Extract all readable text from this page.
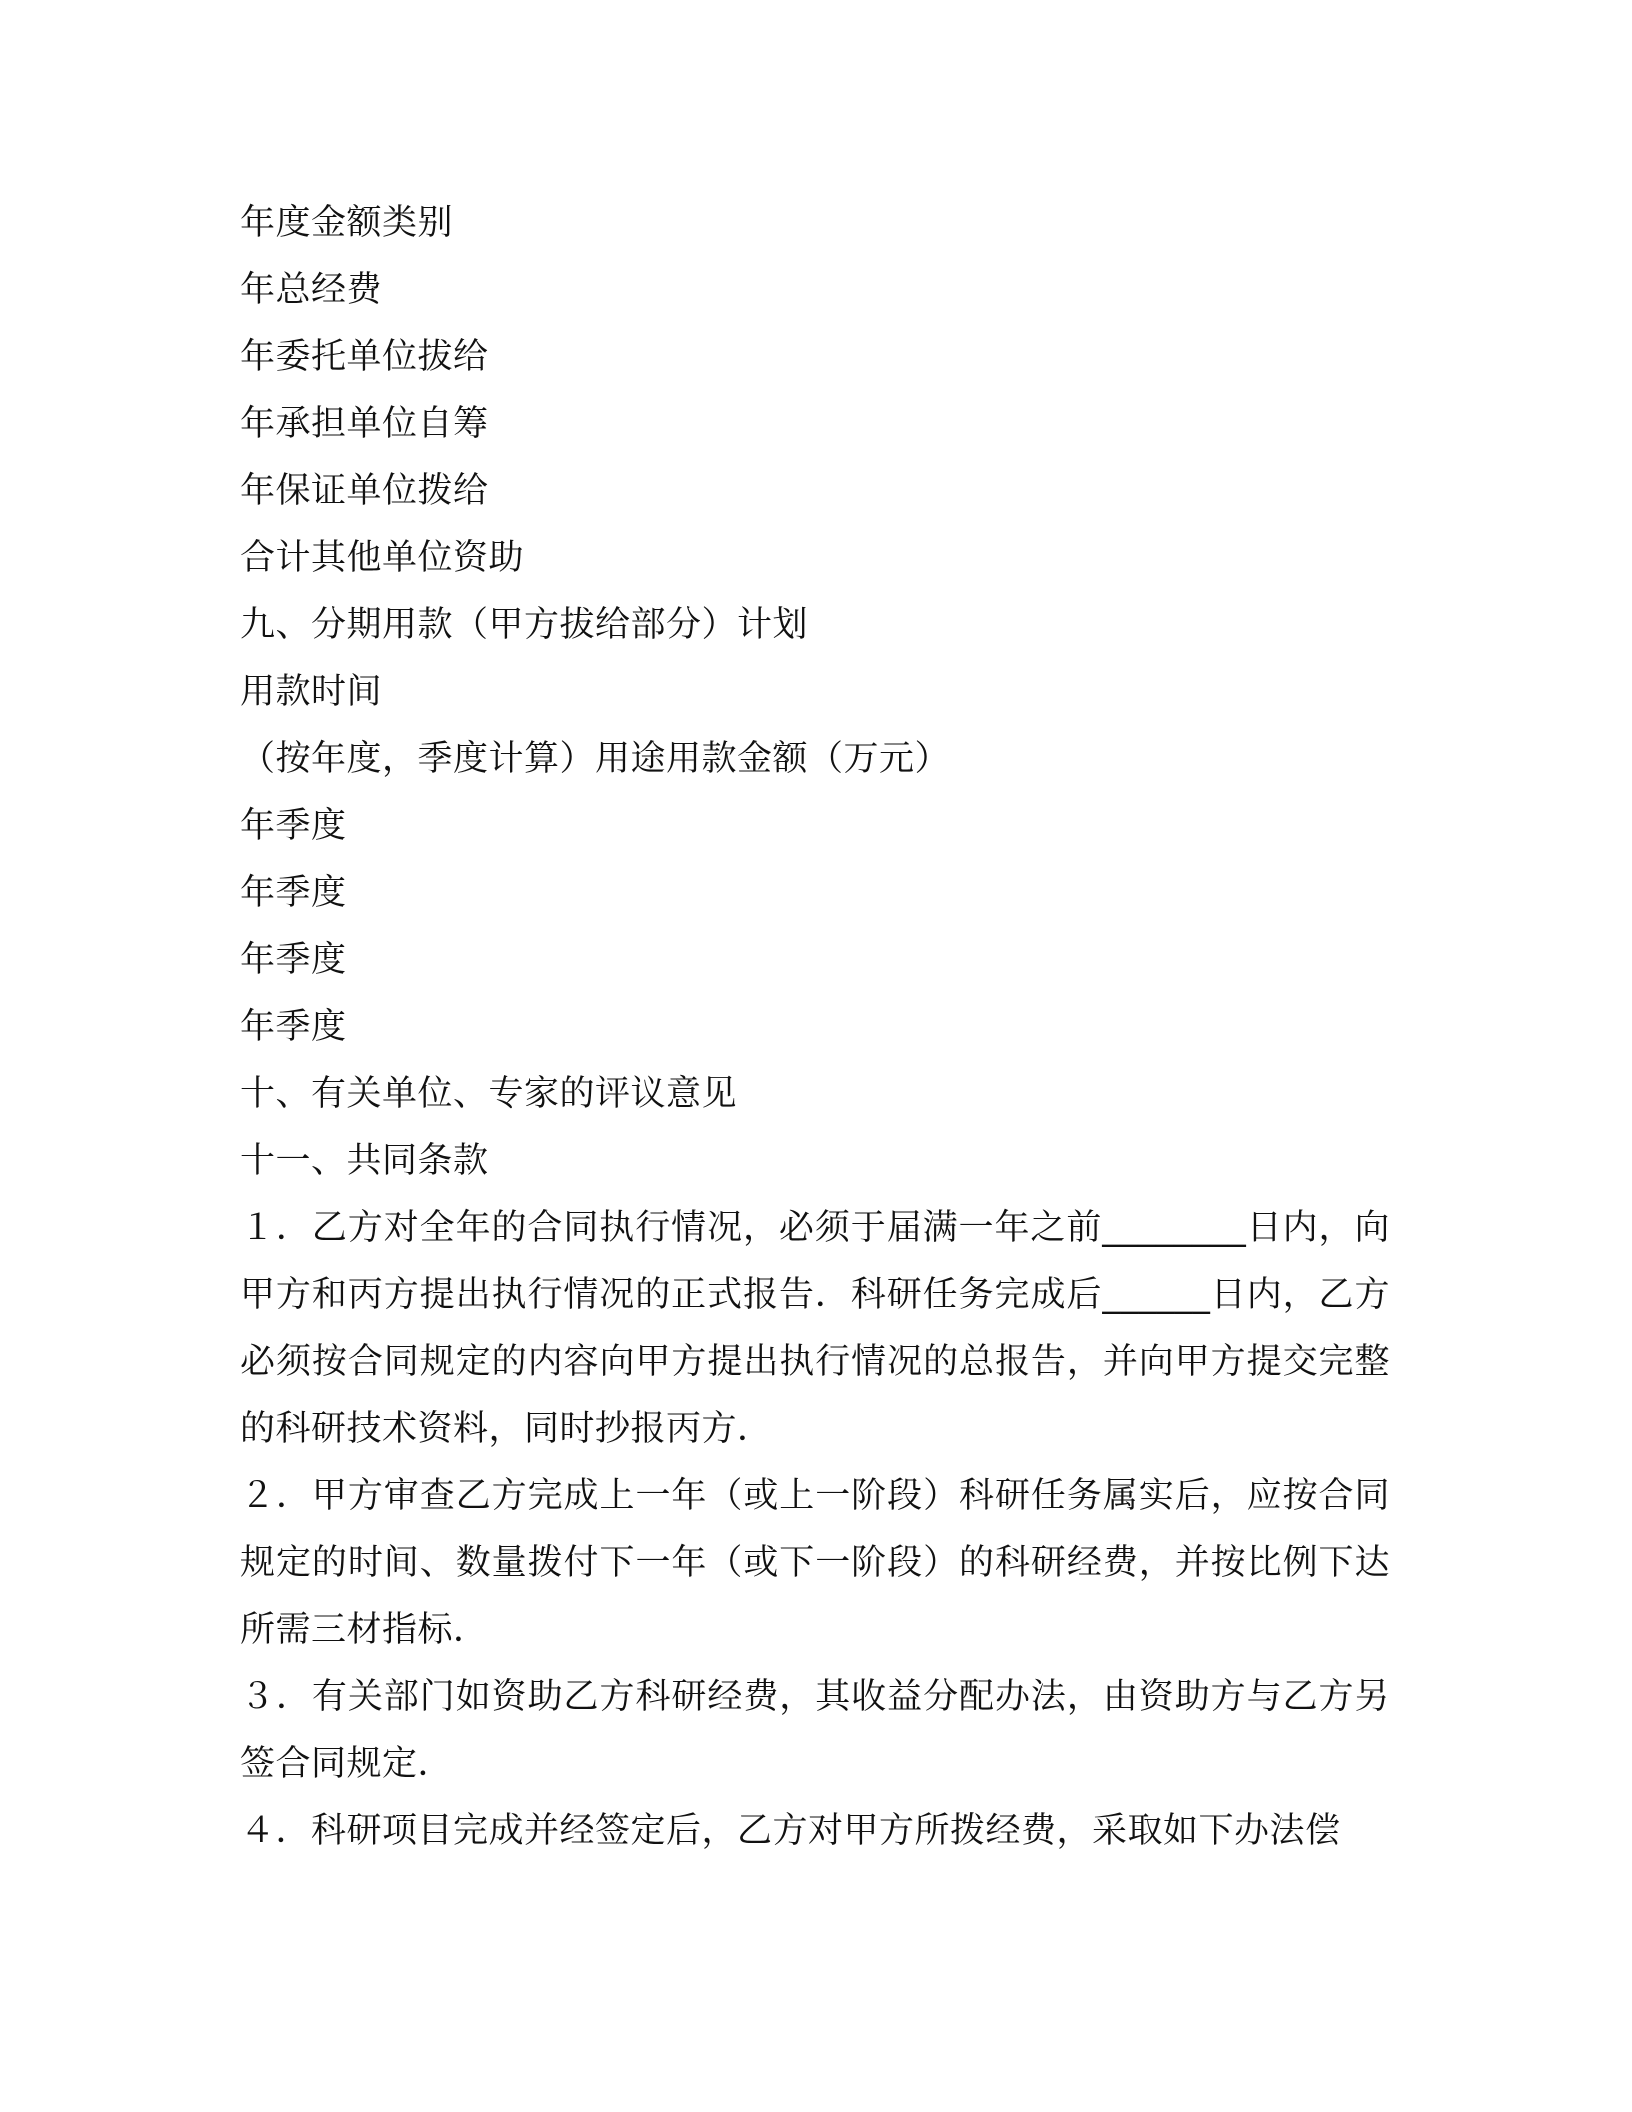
年度金额类别
年总经费
年委托单位拔给
年承担单位自筹
年保证单位拨给
合计其他单位资助
九、分期用款（甲方拔给部分）计划
用款时间
（按年度，季度计算）用途用款金额（万元）
年季度
年季度
年季度
年季度
十、有关单位、专家的评议意见
十一、共同条款
１．乙方对全年的合同执行情况，必须于届满一年之前________日内，向甲方和丙方提出执行情况的正式报告．科研任务完成后______日内，乙方必须按合同规定的内容向甲方提出执行情况的总报告，并向甲方提交完整的科研技术资料，同时抄报丙方．
２．甲方审查乙方完成上一年（或上一阶段）科研任务属实后，应按合同规定的时间、数量拨付下一年（或下一阶段）的科研经费，并按比例下达所需三材指标．
３．有关部门如资助乙方科研经费，其收益分配办法，由资助方与乙方另签合同规定．
４．科研项目完成并经签定后，乙方对甲方所拨经费，采取如下办法偿
